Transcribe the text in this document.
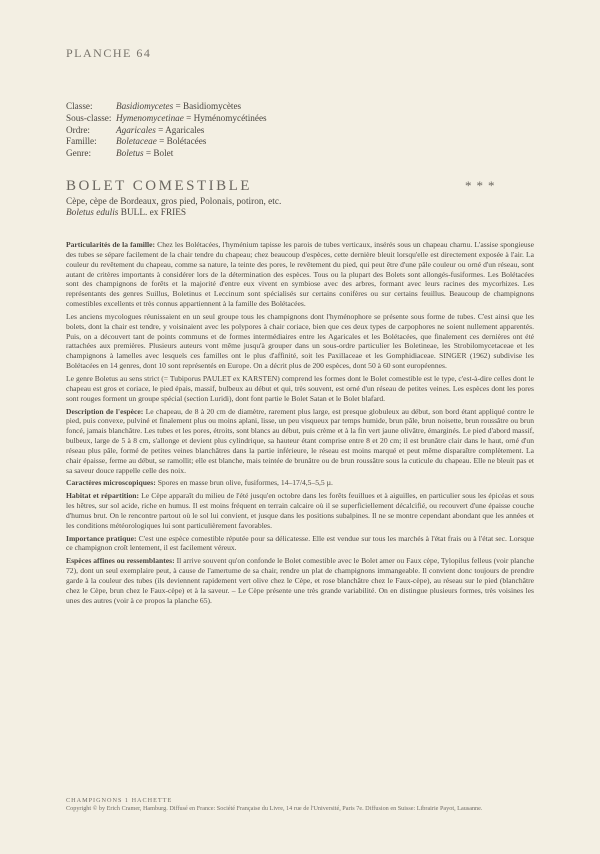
PLANCHE 64
Classe:	Basidiomycetes = Basidiomycètes
Sous-classe: Hymenomycetinae = Hyménomycétinées
Ordre:	Agaricales = Agaricales
Famille:	Boletaceae = Bolétacées
Genre:	Boletus = Bolet
BOLET COMESTIBLE	***
Cèpe, cèpe de Bordeaux, gros pied, Polonais, potiron, etc.
Boletus edulis BULL. ex FRIES

Particularités de la famille: Chez les Bolétacées, l'hyménium tapisse les parois de tubes verticaux, insérés sous un chapeau charnu. L'assise spongieuse des tubes se sépare facilement de la chair tendre du chapeau; chez beaucoup d'espèces, cette dernière bleuit lorsqu'elle est directement exposée à l'air. La couleur du revêtement du chapeau, comme sa nature, la teinte des pores, le revêtement du pied, qui peut être d'une pâle couleur ou orné d'un réseau, sont autant de critères importants à considérer lors de la détermination des espèces. Tous ou la plupart des Bolets sont allongés-fusiformes. Les Bolétacées sont des champignons de forêts et la majorité d'entre eux vivent en symbiose avec des arbres, formant avec leurs racines des mycorhizes. Les représentants des genres Suillus, Boletinus et Leccinum sont spécialisés sur certains conifères ou sur certains feuillus. Beaucoup de champignons comestibles excellents et très connus appartiennent à la famille des Bolétacées.

Les anciens mycologues réunissaient en un seul groupe tous les champignons dont l'hyménophore se présente sous forme de tubes. C'est ainsi que les bolets, dont la chair est tendre, y voisinaient avec les polypores à chair coriace, bien que ces deux types de carpophores ne soient nullement apparentés. Puis, on a découvert tant de points communs et de formes intermédiaires entre les Agaricales et les Bolétacées, que finalement ces dernières ont été rattachées aux premières. Plusieurs auteurs vont même jusqu'à grouper dans un sous-ordre particulier les Boletineae, les Strobilomycetaceae et les champignons à lamelles avec lesquels ces familles ont le plus d'affinité, soit les Paxillaceae et les Gomphidiaceae. SINGER (1962) subdivise les Bolétacées en 14 genres, dont 10 sont représentés en Europe. On a décrit plus de 200 espèces, dont 50 à 60 sont européennes.

Le genre Boletus au sens strict (= Tubiporus PAULET ex KARSTEN) comprend les formes dont le Bolet comestible est le type, c'est-à-dire celles dont le chapeau est gros et coriace, le pied épais, massif, bulbeux au début et qui, très souvent, est orné d'un réseau de petites veines. Les espèces dont les pores sont rouges forment un groupe spécial (section Luridi), dont font partie le Bolet Satan et le Bolet blafard.

Description de l'espèce: Le chapeau, de 8 à 20 cm de diamètre, rarement plus large, est presque globuleux au début, son bord étant appliqué contre le pied, puis convexe, pulviné et finalement plus ou moins aplani, lisse, un peu visqueux par temps humide, brun pâle, brun noisette, brun roussâtre ou brun foncé, jamais blanchâtre. Les tubes et les pores, étroits, sont blancs au début, puis crème et à la fin vert jaune olivâtre, émarginés. Le pied d'abord massif, bulbeux, large de 5 à 8 cm, s'allonge et devient plus cylindrique, sa hauteur étant comprise entre 8 et 20 cm; il est brunâtre clair dans le haut, orné d'un réseau plus pâle, formé de petites veines blanchâtres dans la partie inférieure, le réseau est moins marqué et peut même disparaître complètement. La chair épaisse, ferme au début, se ramollit; elle est blanche, mais teintée de brunâtre ou de brun roussâtre sous la cuticule du chapeau. Elle ne bleuit pas et sa saveur douce rappelle celle des noix.

Caractères microscopiques: Spores en masse brun olive, fusiformes, 14–17/4,5–5,5 µ.

Habitat et répartition: Le Cèpe apparaît du milieu de l'été jusqu'en octobre dans les forêts feuillues et à aiguilles, en particulier sous les épicéas et sous les hêtres, sur sol acide, riche en humus. Il est moins fréquent en terrain calcaire où il se superficiellement décalcifié, ou recouvert d'une épaisse couche d'humus brut. On le rencontre partout où le sol lui convient, et jusque dans les positions subalpines. Il ne se montre cependant abondant que les années et les conditions météorologiques lui sont particulièrement favorables.

Importance pratique: C'est une espèce comestible réputée pour sa délicatesse. Elle est vendue sur tous les marchés à l'état frais ou à l'état sec. Lorsque ce champignon croît lentement, il est facilement véreux.

Espèces affines ou ressemblantes: Il arrive souvent qu'on confonde le Bolet comestible avec le Bolet amer ou Faux cèpe, Tylopilus felleus (voir planche 72), dont un seul exemplaire peut, à cause de l'amertume de sa chair, rendre un plat de champignons immangeable. Il convient donc toujours de prendre garde à la couleur des tubes (ils deviennent rapidement vert olive chez le Cèpe, et rose blanchâtre chez le Faux-cèpe), au réseau sur le pied (blanchâtre chez le Cèpe, brun chez le Faux-cèpe) et à la saveur. – Le Cèpe présente une très grande variabilité. On en distingue plusieurs formes, très voisines les unes des autres (voir à ce propos la planche 65).

CHAMPIGNONS 1 HACHETTE
Copyright © by Erich Cramer, Hamburg. Diffusé en France: Société Française du Livre, 14 rue de l'Université, Paris 7e. Diffusion en Suisse: Librairie Payot, Lausanne.
